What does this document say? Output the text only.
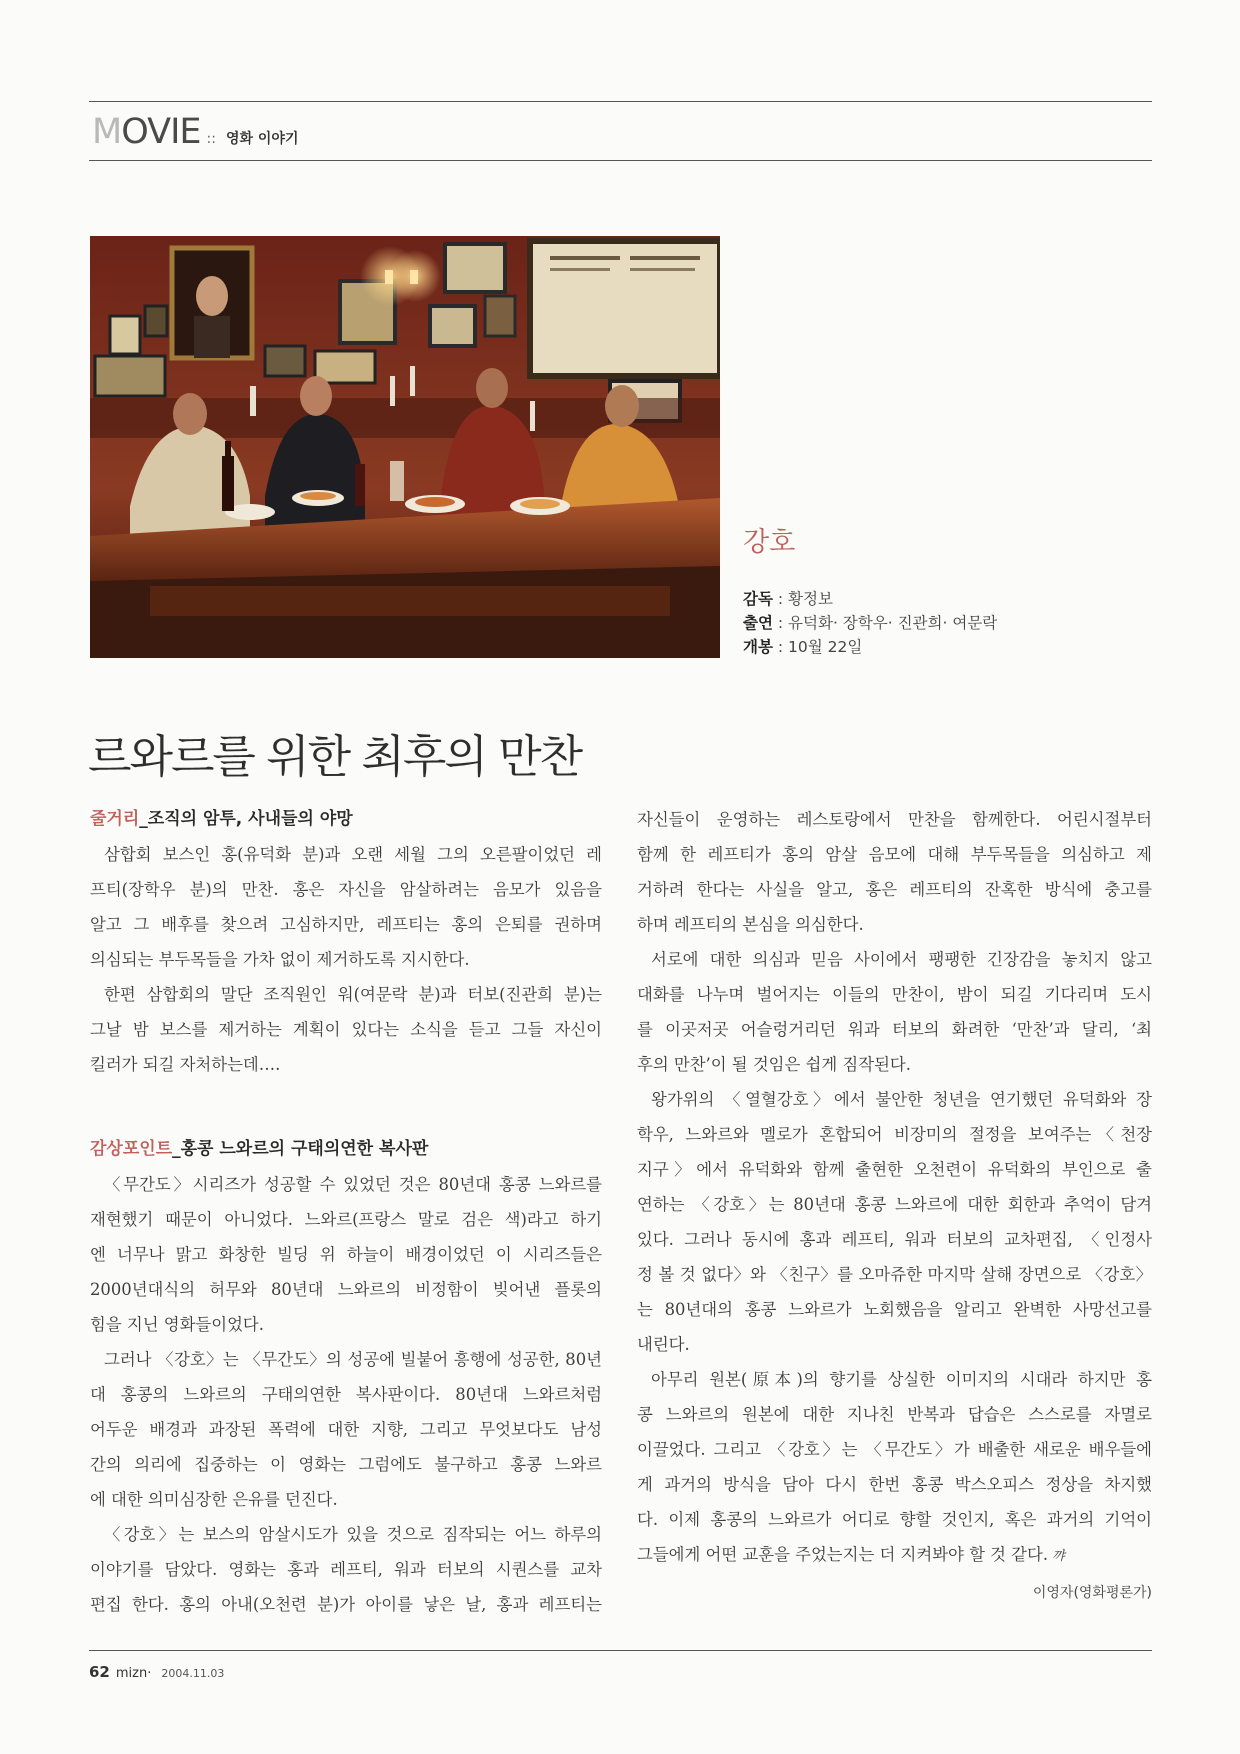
M OVIE :: 영화 이야기
강호
감독 : 황정보
출연 : 유덕화· 장학우· 진관희· 여문락
개봉 : 10월 22일
르와르를 위한 최후의 만찬
줄거리_조직의 암투, 사내들의 야망
삼합회 보스인 홍(유덕화 분)과 오랜 세월 그의 오른팔이었던 레
프티(장학우 분)의 만찬. 홍은 자신을 암살하려는 음모가 있음을
알고 그 배후를 찾으려 고심하지만, 레프티는 홍의 은퇴를 권하며
의심되는 부두목들을 가차 없이 제거하도록 지시한다.
한편 삼합회의 말단 조직원인 워(여문락 분)과 터보(진관희 분)는
그날 밤 보스를 제거하는 계획이 있다는 소식을 듣고 그들 자신이
킬러가 되길 자처하는데….
감상포인트_홍콩 느와르의 구태의연한 복사판
〈무간도〉시리즈가 성공할 수 있었던 것은 80년대 홍콩 느와르를
재현했기 때문이 아니었다. 느와르(프랑스 말로 검은 색)라고 하기
엔 너무나 맑고 화창한 빌딩 위 하늘이 배경이었던 이 시리즈들은
2000년대식의 허무와 80년대 느와르의 비정함이 빚어낸 플롯의
힘을 지닌 영화들이었다.
그러나 〈강호〉는 〈무간도〉의 성공에 빌붙어 흥행에 성공한, 80년
대 홍콩의 느와르의 구태의연한 복사판이다. 80년대 느와르처럼
어두운 배경과 과장된 폭력에 대한 지향, 그리고 무엇보다도 남성
간의 의리에 집중하는 이 영화는 그럼에도 불구하고 홍콩 느와르
에 대한 의미심장한 은유를 던진다.
〈강호〉는 보스의 암살시도가 있을 것으로 짐작되는 어느 하루의
이야기를 담았다. 영화는 홍과 레프티, 워과 터보의 시퀀스를 교차
편집 한다. 홍의 아내(오천련 분)가 아이를 낳은 날, 홍과 레프티는
자신들이 운영하는 레스토랑에서 만찬을 함께한다. 어린시절부터
함께 한 레프티가 홍의 암살 음모에 대해 부두목들을 의심하고 제
거하려 한다는 사실을 알고, 홍은 레프티의 잔혹한 방식에 충고를
하며 레프티의 본심을 의심한다.
서로에 대한 의심과 믿음 사이에서 팽팽한 긴장감을 놓치지 않고
대화를 나누며 벌어지는 이들의 만찬이, 밤이 되길 기다리며 도시
를 이곳저곳 어슬렁거리던 워과 터보의 화려한 ‘만찬’과 달리, ‘최
후의 만찬’이 될 것임은 쉽게 짐작된다.
왕가위의 〈열혈강호〉에서 불안한 청년을 연기했던 유덕화와 장
학우, 느와르와 멜로가 혼합되어 비장미의 절정을 보여주는〈천장
지구〉에서 유덕화와 함께 출현한 오천련이 유덕화의 부인으로 출
연하는 〈강호〉는 80년대 홍콩 느와르에 대한 회한과 추억이 담겨
있다. 그러나 동시에 홍과 레프티, 워과 터보의 교차편집, 〈인정사
정 볼 것 없다〉와 〈친구〉를 오마쥬한 마지막 살해 장면으로 〈강호〉
는 80년대의 홍콩 느와르가 노회했음을 알리고 완벽한 사망선고를
내린다.
아무리 원본(原本)의 향기를 상실한 이미지의 시대라 하지만 홍
콩 느와르의 원본에 대한 지나친 반복과 답습은 스스로를 자멸로
이끌었다. 그리고 〈강호〉는 〈무간도〉가 배출한 새로운 배우들에
게 과거의 방식을 담아 다시 한번 홍콩 박스오피스 정상을 차지했
다. 이제 홍콩의 느와르가 어디로 향할 것인지, 혹은 과거의 기억이
그들에게 어떤 교훈을 주었는지는 더 지켜봐야 할 것 같다. 꺄
이영자(영화평론가)
62 mizn· 2004.11.03
